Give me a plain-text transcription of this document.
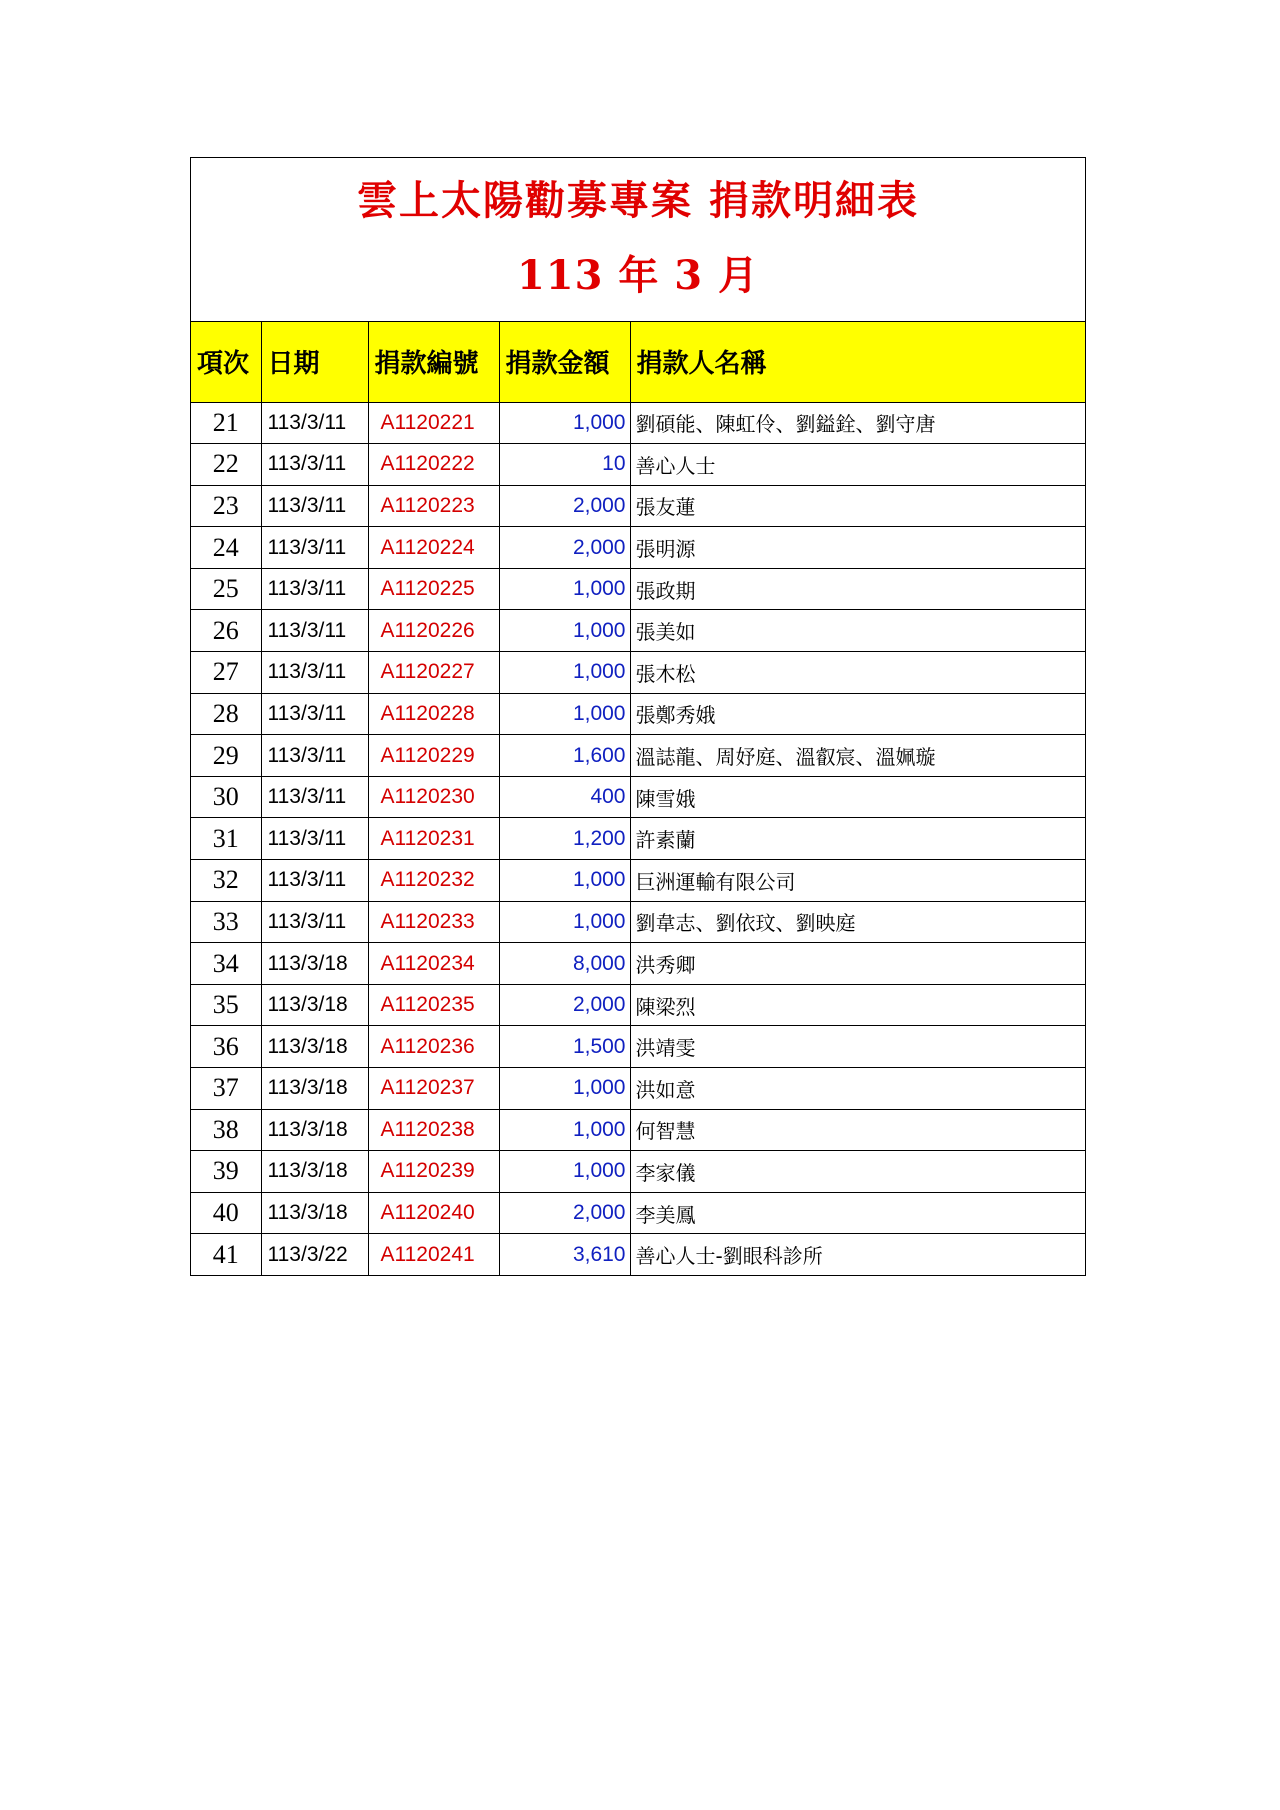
雲上太陽勸募專案 捐款明細表
113 年 3 月
項次	日期	捐款編號	捐款金額	捐款人名稱
21	113/3/11	A1120221	1,000	劉碩能、陳虹伶、劉鎰銓、劉守唐
22	113/3/11	A1120222	10	善心人士
23	113/3/11	A1120223	2,000	張友蓮
24	113/3/11	A1120224	2,000	張明源
25	113/3/11	A1120225	1,000	張政期
26	113/3/11	A1120226	1,000	張美如
27	113/3/11	A1120227	1,000	張木松
28	113/3/11	A1120228	1,000	張鄭秀娥
29	113/3/11	A1120229	1,600	溫誌龍、周妤庭、溫叡宸、溫姵璇
30	113/3/11	A1120230	400	陳雪娥
31	113/3/11	A1120231	1,200	許素蘭
32	113/3/11	A1120232	1,000	巨洲運輸有限公司
33	113/3/11	A1120233	1,000	劉韋志、劉依玟、劉映庭
34	113/3/18	A1120234	8,000	洪秀卿
35	113/3/18	A1120235	2,000	陳梁烈
36	113/3/18	A1120236	1,500	洪靖雯
37	113/3/18	A1120237	1,000	洪如意
38	113/3/18	A1120238	1,000	何智慧
39	113/3/18	A1120239	1,000	李家儀
40	113/3/18	A1120240	2,000	李美鳳
41	113/3/22	A1120241	3,610	善心人士-劉眼科診所
